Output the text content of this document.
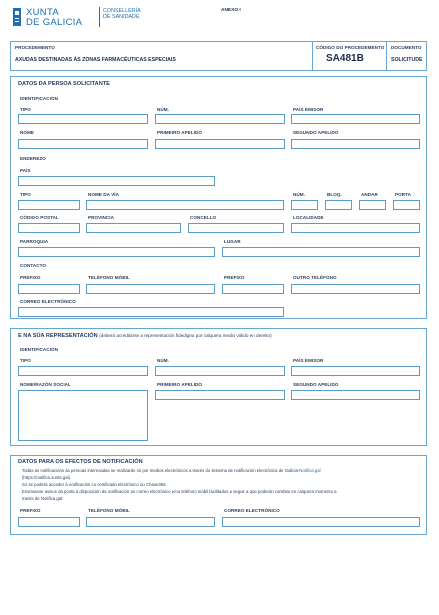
XUNTA
DE GALICIA
CONSELLERÍA
DE SANIDADE
ANEXO I
PROCEDEMENTO
AXUDAS DESTINADAS ÁS ZONAS FARMACÉUTICAS ESPECIAIS
CÓDIGO DO PROCEDEMENTO
SA481B
DOCUMENTO
SOLICITUDE
DATOS DA PERSOA SOLICITANTE
IDENTIFICACIÓN
TIPO	NÚM.	PAÍS EMISOR
NOME	PRIMEIRO APELIDO	SEGUNDO APELIDO
ENDEREZO
PAÍS
TIPO	NOME DA VÍA	NÚM.	BLOQ.	ANDAR	PORTA
CÓDIGO POSTAL	PROVINCIA	CONCELLO	LOCALIDADE
PARROQUIA	LUGAR
CONTACTO
PREFIXO	TELÉFONO MÓBIL	PREFIXO	OUTRO TELÉFONO
CORREO ELECTRÓNICO
E NA SÚA REPRESENTACIÓN (deberá acreditarse a representación fidedigna por calquera medio válido en dereito)
IDENTIFICACIÓN
TIPO	NÚM.	PAÍS EMISOR
NOME/RAZÓN SOCIAL	PRIMEIRO APELIDO	SEGUNDO APELIDO
DATOS PARA OS EFECTOS DE NOTIFICACIÓN
Todas as notificacións ás persoas interesadas se realizarán só por medios electrónicos a través do Sistema de notificación electrónica de Galicia-Notifica.gal
(https://notifica.xunta.gal).
Só se poderá acceder á notificación co certificado electrónico ou Chave365.
Enviaranse avisos da posta á disposición da notificación ao correo electrónico e/ou teléfono móbil facilitados a seguir a que poderán cambiar en calquera momento a
través de Notifica.gal:
PREFIXO	TELÉFONO MÓBIL	CORREO ELECTRÓNICO
